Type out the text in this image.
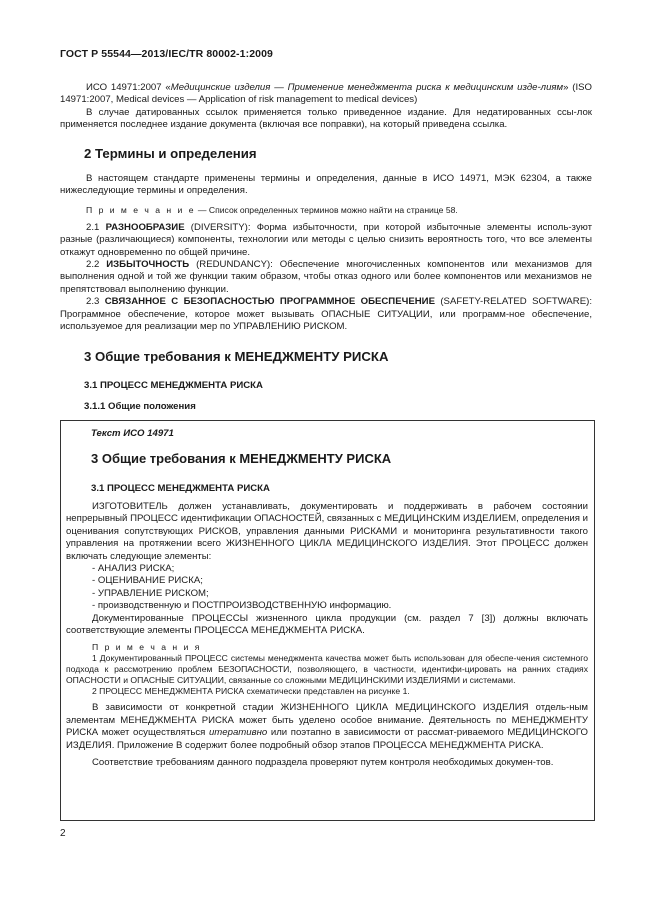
ГОСТ Р 55544—2013/IEC/TR 80002-1:2009

ИСО 14971:2007 «Медицинские изделия — Применение менеджмента риска к медицинским изде-лиям» (ISO 14971:2007, Medical devices — Application of risk management to medical devices)

В случае датированных ссылок применяется только приведенное издание. Для недатированных ссы-лок применяется последнее издание документа (включая все поправки), на который приведена ссылка.

2 Термины и определения

В настоящем стандарте применены термины и определения, данные в ИСО 14971, МЭК 62304, а также нижеследующие термины и определения.

П р и м е ч а н и е — Список определенных терминов можно найти на странице 58.

2.1 РАЗНООБРАЗИЕ (DIVERSITY): Форма избыточности, при которой избыточные элементы исполь-зуют разные (различающиеся) компоненты, технологии или методы с целью снизить вероятность того, что все элементы откажут одновременно по общей причине.

2.2 ИЗБЫТОЧНОСТЬ (REDUNDANCY): Обеспечение многочисленных компонентов или механизмов для выполнения одной и той же функции таким образом, чтобы отказ одного или более компонентов или механизмов не препятствовал выполнению функции.

2.3 СВЯЗАННОЕ С БЕЗОПАСНОСТЬЮ ПРОГРАММНОЕ ОБЕСПЕЧЕНИЕ (SAFETY-RELATED SOFTWARE): Программное обеспечение, которое может вызывать ОПАСНЫЕ СИТУАЦИИ, или программ-ное обеспечение, используемое для реализации мер по УПРАВЛЕНИЮ РИСКОМ.

3 Общие требования к МЕНЕДЖМЕНТУ РИСКА
3.1 ПРОЦЕСС МЕНЕДЖМЕНТА РИСКА
3.1.1 Общие положения
Текст ИСО 14971
3 Общие требования к МЕНЕДЖМЕНТУ РИСКА
3.1 ПРОЦЕСС МЕНЕДЖМЕНТА РИСКА

ИЗГОТОВИТЕЛЬ должен устанавливать, документировать и поддерживать в рабочем состоянии непрерывный ПРОЦЕСС идентификации ОПАСНОСТЕЙ, связанных с МЕДИЦИНСКИМ ИЗДЕЛИЕМ, определения и оценивания сопутствующих РИСКОВ, управления данными РИСКАМИ и мониторинга результативности такого управления на протяжении всего ЖИЗНЕННОГО ЦИКЛА МЕДИЦИНСКОГО ИЗДЕЛИЯ. Этот ПРОЦЕСС должен включать следующие элементы:

- АНАЛИЗ РИСКА;

- ОЦЕНИВАНИЕ РИСКА;

- УПРАВЛЕНИЕ РИСКОМ;

- производственную и ПОСТПРОИЗВОДСТВЕННУЮ информацию.

Документированные ПРОЦЕССЫ жизненного цикла продукции (см. раздел 7 [3]) должны включать соответствующие элементы ПРОЦЕССА МЕНЕДЖМЕНТА РИСКА.

П р и м е ч а н и я

1 Документированный ПРОЦЕСС системы менеджмента качества может быть использован для обеспе-чения системного подхода к рассмотрению проблем БЕЗОПАСНОСТИ, позволяющего, в частности, идентифи-цировать на ранних стадиях ОПАСНОСТИ и ОПАСНЫЕ СИТУАЦИИ, связанные со сложными МЕДИЦИНСКИМИ ИЗДЕЛИЯМИ и системами.

2 ПРОЦЕСС МЕНЕДЖМЕНТА РИСКА схематически представлен на рисунке 1.

В зависимости от конкретной стадии ЖИЗНЕННОГО ЦИКЛА МЕДИЦИНСКОГО ИЗДЕЛИЯ отдель-ным элементам МЕНЕДЖМЕНТА РИСКА может быть уделено особое внимание. Деятельность по МЕНЕДЖМЕНТУ РИСКА может осуществляться итеративно или поэтапно в зависимости от рассмат-риваемого МЕДИЦИНСКОГО ИЗДЕЛИЯ. Приложение В содержит более подробный обзор этапов ПРОЦЕССА МЕНЕДЖМЕНТА РИСКА.

Соответствие требованиям данного подраздела проверяют путем контроля необходимых докумен-тов.

2
